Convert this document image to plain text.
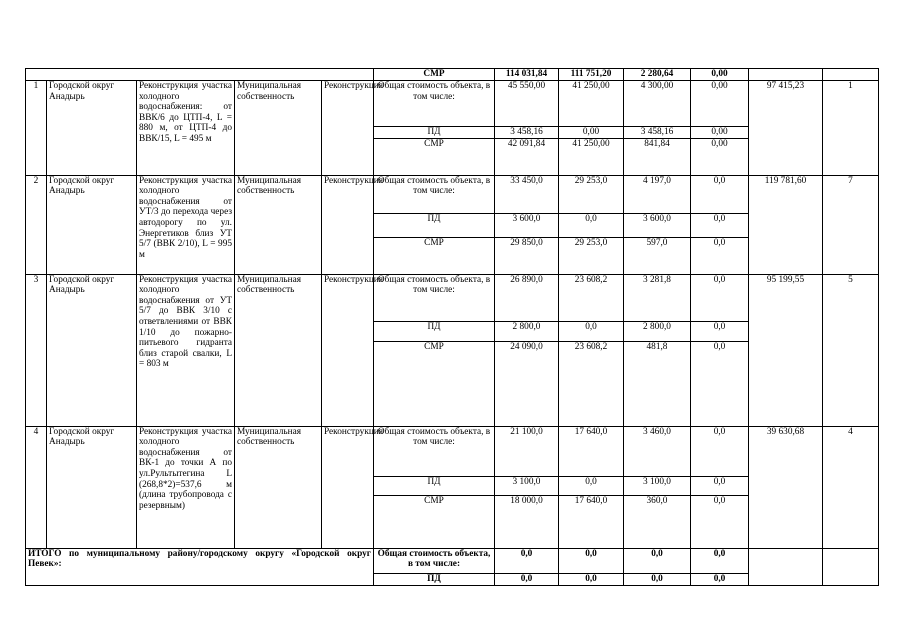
					СМР	114 031,84	111 751,20	2 280,64	0,00		
1	Городской округ Анадырь	Реконструкция участка холодного водоснабжения: от ВВК/6 до ЦТП-4, L = 880 м, от ЦТП-4 до ВВК/15, L = 495 м	Муниципальная собственность	Реконструкция	Общая стоимость объекта, в том числе:	45 550,00	41 250,00	4 300,00	0,00	97 415,23	1
					ПД	3 458,16	0,00	3 458,16	0,00		
					СМР	42 091,84	41 250,00	841,84	0,00		
2	Городской округ Анадырь	Реконструкция участка холодного водоснабжения от УТ/3 до перехода через автодорогу по ул. Энергетиков близ УТ 5/7 (ВВК 2/10), L = 995 м	Муниципальная собственность	Реконструкция	Общая стоимость объекта, в том числе:	33 450,0	29 253,0	4 197,0	0,0	119 781,60	7
					ПД	3 600,0	0,0	3 600,0	0,0		
					СМР	29 850,0	29 253,0	597,0	0,0		
3	Городской округ Анадырь	Реконструкция участка холодного водоснабжения от УТ 5/7 до ВВК 3/10 с ответвлениями от ВВК 1/10 до пожарно-питьевого гидранта близ старой свалки, L = 803 м	Муниципальная собственность	Реконструкция	Общая стоимость объекта, в том числе:	26 890,0	23 608,2	3 281,8	0,0	95 199,55	5
					ПД	2 800,0	0,0	2 800,0	0,0		
					СМР	24 090,0	23 608,2	481,8	0,0		
4	Городской округ Анадырь	Реконструкция участка холодного водоснабжения от ВК-1 до точки А по ул.Рультытегина L (268,8*2)=537,6 м (длина трубопровода с резервным)	Муниципальная собственность	Реконструкция	Общая стоимость объекта, в том числе:	21 100,0	17 640,0	3 460,0	0,0	39 630,68	4
					ПД	3 100,0	0,0	3 100,0	0,0		
					СМР	18 000,0	17 640,0	360,0	0,0		
ИТОГО по муниципальному району/городскому округу «Городской округ Певек»:					Общая стоимость объекта, в том числе:	0,0	0,0	0,0	0,0		
					ПД	0,0	0,0	0,0	0,0		
